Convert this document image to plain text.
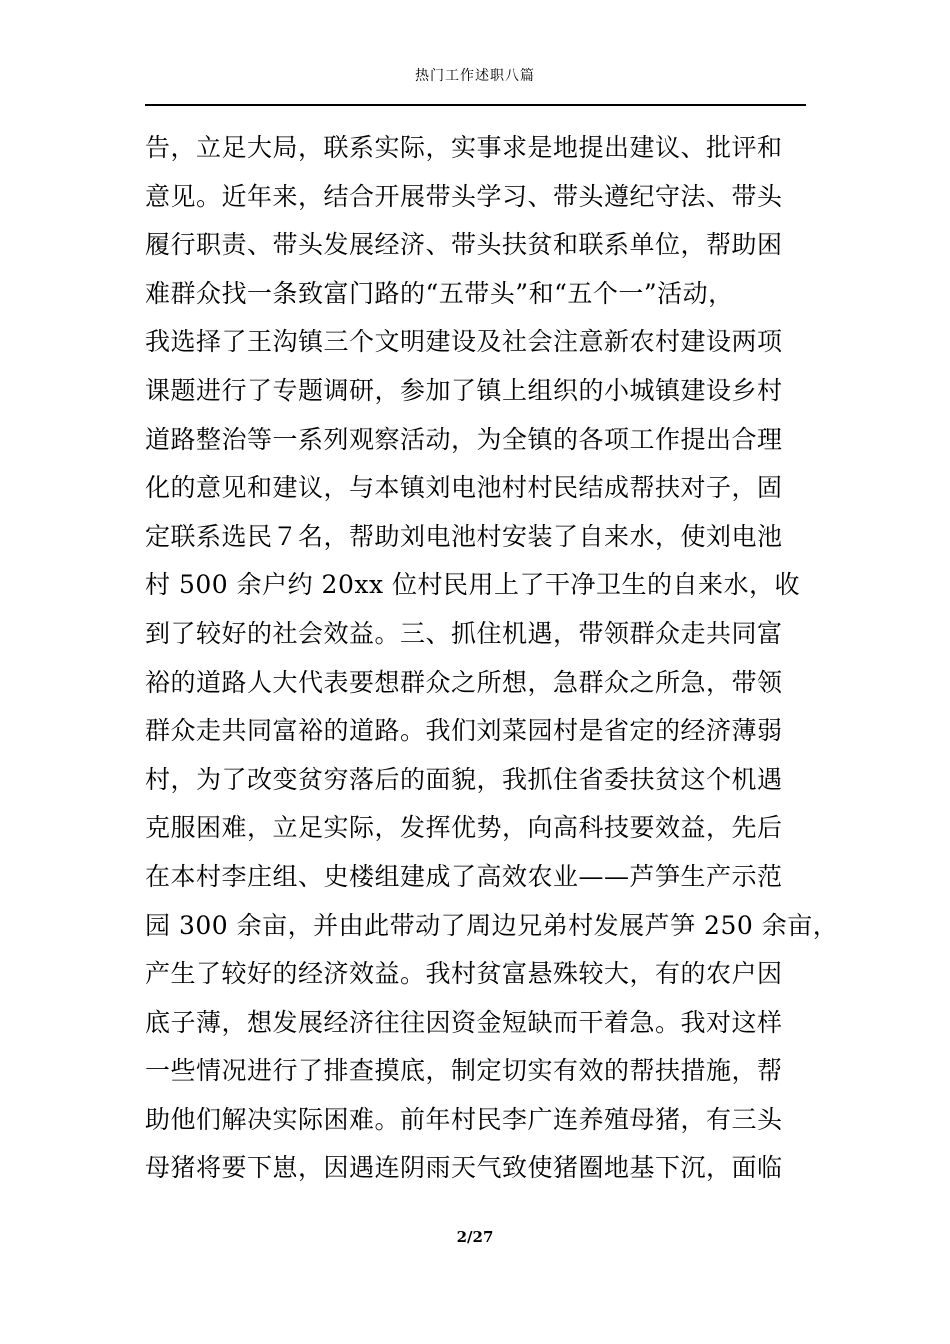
热门工作述职八篇
告，立足大局，联系实际，实事求是地提出建议、批评和
意见。近年来，结合开展带头学习、带头遵纪守法、带头
履行职责、带头发展经济、带头扶贫和联系单位，帮助困
难群众找一条致富门路的“五带头”和“五个一”活动，
我选择了王沟镇三个文明建设及社会注意新农村建设两项
课题进行了专题调研，参加了镇上组织的小城镇建设乡村
道路整治等一系列观察活动，为全镇的各项工作提出合理
化的意见和建议，与本镇刘电池村村民结成帮扶对子，固
定联系选民７名，帮助刘电池村安装了自来水，使刘电池
村 500 余户约 20xx 位村民用上了干净卫生的自来水，收
到了较好的社会效益。三、抓住机遇，带领群众走共同富
裕的道路人大代表要想群众之所想，急群众之所急，带领
群众走共同富裕的道路。我们刘菜园村是省定的经济薄弱
村，为了改变贫穷落后的面貌，我抓住省委扶贫这个机遇
克服困难，立足实际，发挥优势，向高科技要效益，先后
在本村李庄组、史楼组建成了高效农业——芦笋生产示范
园 300 余亩，并由此带动了周边兄弟村发展芦笋 250 余亩，
产生了较好的经济效益。我村贫富悬殊较大，有的农户因
底子薄，想发展经济往往因资金短缺而干着急。我对这样
一些情况进行了排查摸底，制定切实有效的帮扶措施，帮
助他们解决实际困难。前年村民李广连养殖母猪，有三头
母猪将要下崽，因遇连阴雨天气致使猪圈地基下沉，面临
2/27
